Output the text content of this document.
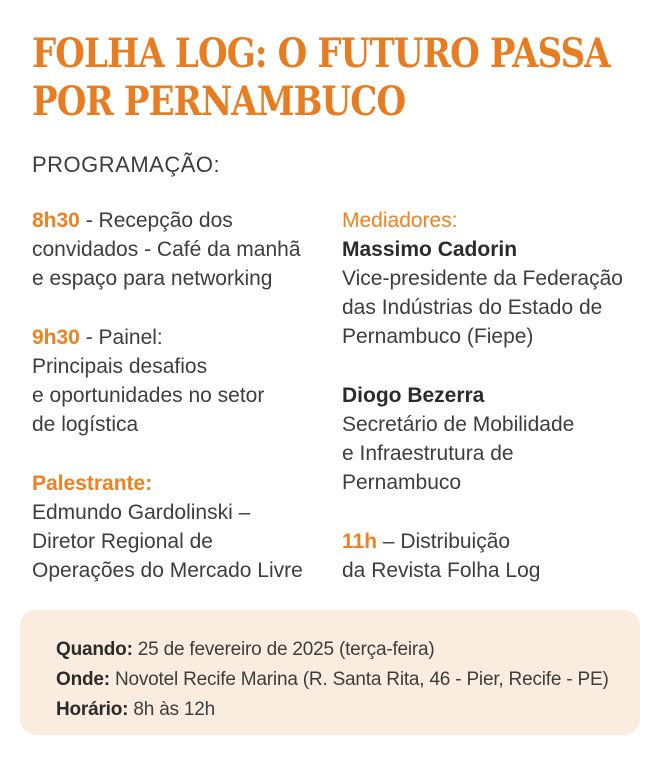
FOLHA LOG: O FUTURO PASSA
POR PERNAMBUCO
PROGRAMAÇÃO:
8h30 - Recepção dos
convidados - Café da manhã
e espaço para networking
9h30 - Painel:
Principais desafios
e oportunidades no setor
de logística
Palestrante:
Edmundo Gardolinski –
Diretor Regional de
Operações do Mercado Livre
Mediadores:
Massimo Cadorin
Vice-presidente da Federação
das Indústrias do Estado de
Pernambuco (Fiepe)
Diogo Bezerra
Secretário de Mobilidade
e Infraestrutura de
Pernambuco
11h – Distribuição
da Revista Folha Log
Quando: 25 de fevereiro de 2025 (terça-feira)
Onde: Novotel Recife Marina (R. Santa Rita, 46 - Pier, Recife - PE)
Horário: 8h às 12h
